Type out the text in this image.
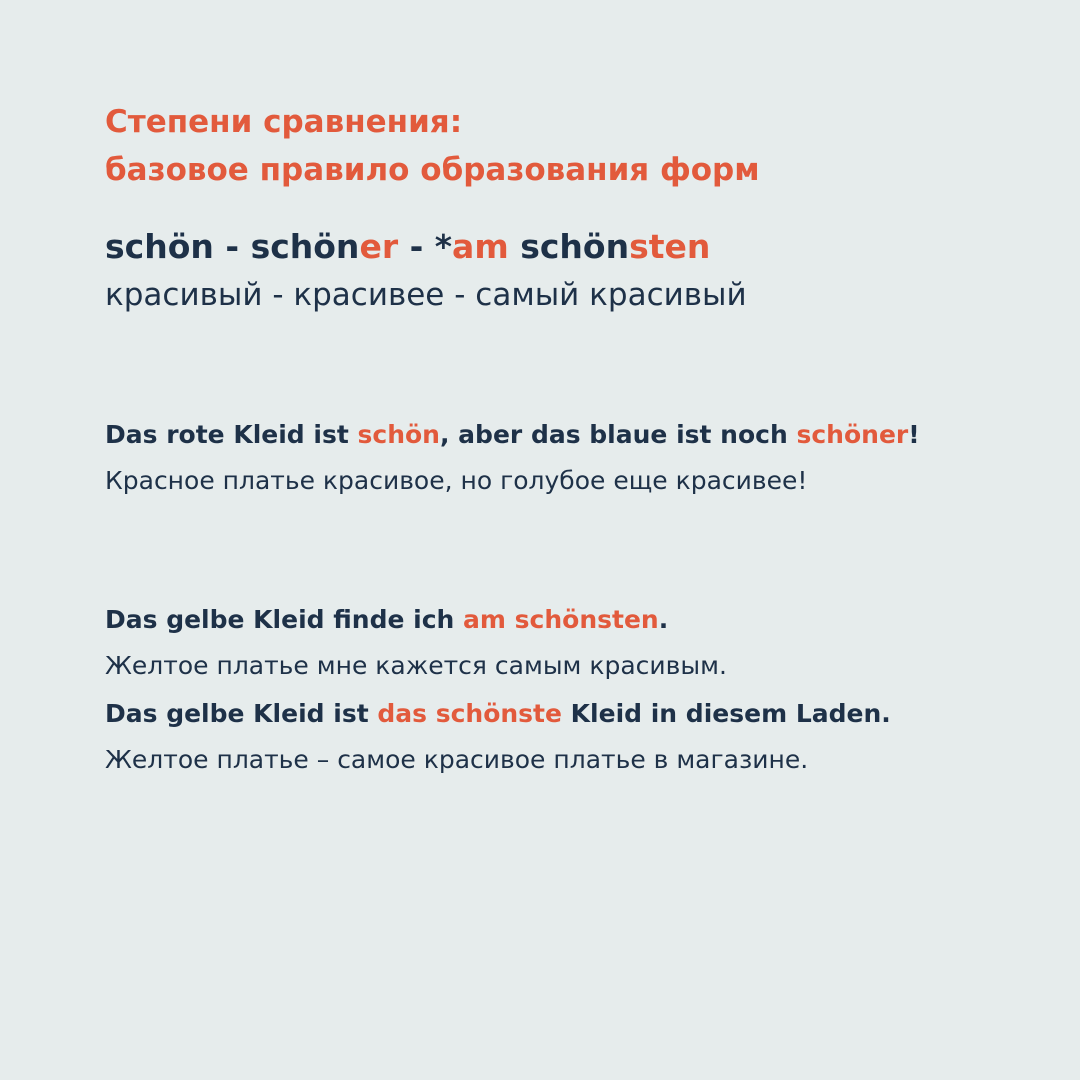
Степени сравнения:
базовое правило образования форм
schön - schöner - *am schönsten
красивый - красивее - самый красивый
Das rote Kleid ist schön, aber das blaue ist noch schöner!
Красное платье красивое, но голубое еще красивее!
Das gelbe Kleid finde ich am schönsten.
Желтое платье мне кажется самым красивым.
Das gelbe Kleid ist das schönste Kleid in diesem Laden.
Желтое платье – самое красивое платье в магазине.
